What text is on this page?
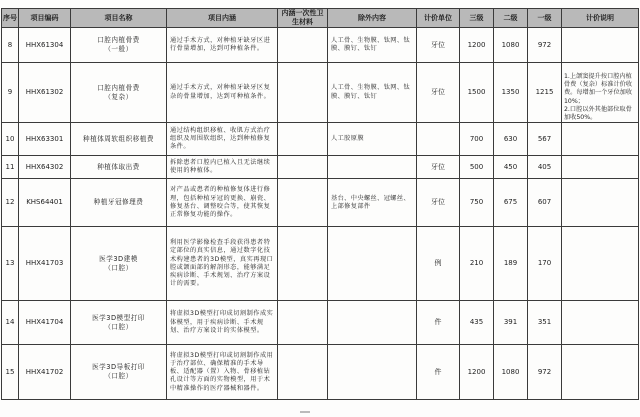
序号	项目编码	项目名称	项目内涵	内涵一次性卫生材料	除外内容	计价单位	三级	二级	一级	计价说明
8	HHX61304	口腔内植骨费
（一般）	通过手术方式，对种植牙缺牙区进行骨量增加，达到可种植条件。		人工骨、生物膜、钛网、钛膜、膜钉、钛钉	牙位	1200	1080	972	
9	HHX61302	口腔内植骨费
（复杂）	通过手术方式，对种植牙缺牙区复杂的骨量增加，达到可种植条件。		人工骨、生物膜、钛网、钛膜、膜钉、钛钉	牙位	1500	1350	1215	1.上颌窦提升按口腔内植骨费（复杂）标准计价收费。每增加一个牙位加收10%；
2.口腔以外其他部位取骨加收50%。
10	HHX63301	种植体周软组织移植费	通过结构组织移植、收肌方式治疗组织及周围软组织，达到种植修复条件。		人工胶原膜		700	630	567	
11	HHX64302	种植体取出费	拆除患者口腔内已植入且无法继续使用的种植体。			牙位	500	450	405	
12	KHS64401	种植牙冠修理费	对产品或患者的种植修复体进行修理，包括种植牙冠的更换、崩瓷、修复基台、调整咬合等，使其恢复正常修复功能的操作。		基台、中央螺丝、冠螺丝、上部修复部件	牙位	750	675	607	
13	HHX41703	医学3D建模
（口腔）	利用医学影像检查手段获得患者特定部位的真实信息，通过数字化技术构建患者的3D模型，真实再现口腔或颌面部的解剖形态，能够满足疾病诊断、手术规划、治疗方案设计的需要。			例	210	189	170	
14	HHX41704	医学3D模型打印
（口腔）	将虚拟3D模型打印成切割制作成实体模型，用于疾病诊断、手术规划、治疗方案设计的实体模型。			件	435	391	351	
15	HHX41702	医学3D导板打印
（口腔）	将虚拟3D模型打印或切割制作成用于治疗部位、确保精准的手术导板、适配器（置）入物、骨移植钻孔设计等方面的实物模型，用于术中精准操作的医疗器械和器件。			件	1200	1080	972	
